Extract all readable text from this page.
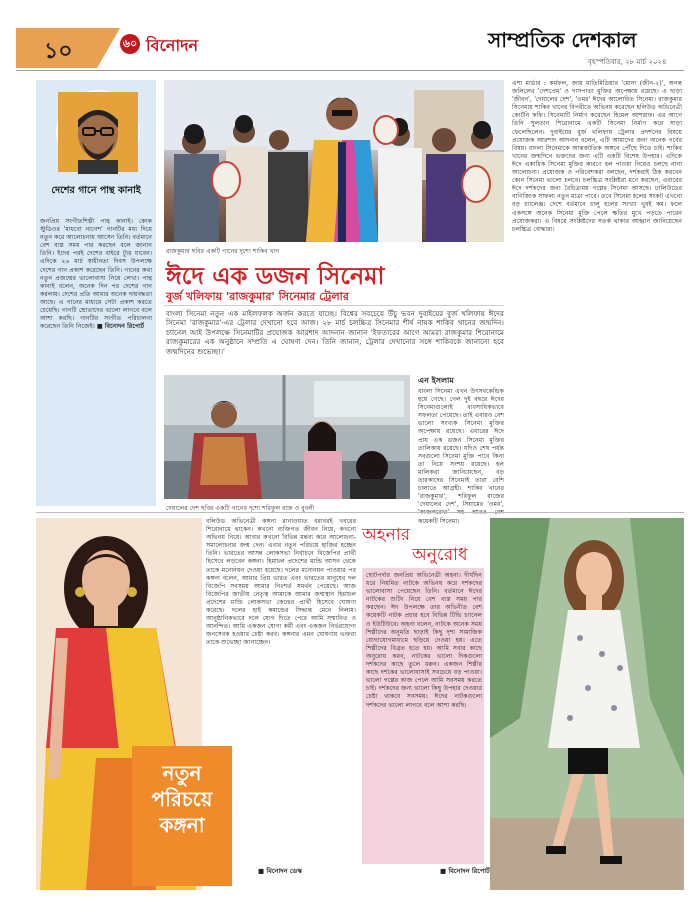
১০	৬০ বিনোদন	সাম্প্রতিক দেশকাল
বৃহস্পতিবার, ২৮ মার্চ ২০২৪
দেশের গানে পান্থ কানাই
জনপ্রিয় সংগীতশিল্পী পান্থ কানাই। কোক স্টুডিওর 'মাধবো নাগেশ' গানটির মধ্য দিয়ে নতুন করে আলোচনায় আসেন তিনি। বর্তমানে বেশ ব্যস্ত সময় পার করছেন বলে জানান তিনি। ইদের পরই দেশের বাইরে ট্যুর যাবেন। এদিকে ২৬ মার্চ স্বাধীনতা দিবস উপলক্ষে দেশের গান প্রকাশ করেছেন তিনি। গানের কথা নতুন প্রজন্মের ভালোবাসা নিয়ে লেখা। পান্থ কানাই বলেন, অনেক দিন পর দেশের গান করলাম। দেশের প্রতি আমার অনেক দায়বদ্ধতা আছে। এ গানের মাধ্যমে সেটা প্রকাশ করতে চেয়েছি। গানটি শ্রোতাদের ভালো লাগবে বলে আশা করছি। গানটির সংগীত পরিচালনা করেছেন তিনি নিজেই। ■ বিনোদন রিপোর্ট
রাজকুমার ছবির একটি গানের দৃশ্যে শাকিব খান
ঈদে এক ডজন সিনেমা
বুর্জ খলিফায় 'রাজকুমার' সিনেমার ট্রেলার
বাংলা সিনেমা নতুন এক মাইলফলক অর্জন করতে যাচ্ছে। বিশ্বের সবচেয়ে উঁচু ভবন দুবাইয়ের বুর্জ খলিফায় ঈদের সিনেমা 'রাজকুমার'-এর ট্রেলার দেখানো হবে আজ। ২৮ মার্চ চলচ্চিত্র সিনেমার শীর্ষ নায়ক শাকিব খানের জন্মদিন। চ্যানেল আই উপলক্ষে সিনেমাটির প্রযোজক আরশাদ আদনান জানান 'ইফতারের আগে আমরা রাজকুমার শিরোনামে রাজকুমারের এক অনুষ্ঠানে সম্প্রতি এ ঘোষণা দেন। তিনি জানান, ট্রেলার দেখানোর সঙ্গে শাকিবকে জানানো হবে জন্মদিনের শুভেচ্ছা।'
দেয়ালের দেশ ছবির একটি গানের দৃশ্যে শরিফুল রাজ ও বুবলী
এন ইসলাম
বাংলা সিনেমা এখন উৎসবকেন্দ্রিক হয়ে গেছে। গেল দুই বছরে ঈদের সিনেমাগুলোই ব্যবসায়িকভাবে সফলতা পেয়েছে। তাই এবারও বেশ ভালো সংখ্যক সিনেমা মুক্তির অপেক্ষায় রয়েছে। এবারের ঈদে প্রায় এক ডজন সিনেমা মুক্তির তালিকায় রয়েছে। যদিও শেষ পর্যন্ত সবগুলো সিনেমা মুক্তি পাবে কিনা তা নিয়ে সংশয় রয়েছে। হল মালিকরা জানিয়েছেন, বড় তারকাদের সিনেমাই তারা বেশি চালাতে আগ্রহী। শাকিব খানের 'রাজকুমার', শরিফুল রাজের 'দেয়ালের দেশ', সিয়ামের 'ওমর', কয়েকটি সিনেমা।
এশা মার্ডার : কর্মফল, জায় মাতিমিডিয়ার 'মোনা (জীন-২)', অনন্ত জলিলের 'দেশপ্রেম' ও দাসপাতা মুক্তির অপেক্ষায় রয়েছে। এ ছাড়া 'জীবন', 'দেয়ালের দেশ', 'ওমর' ঈদের আলোচিত সিনেমা। রাজকুমার সিনেমায় শাকিব খানের বিপরীতে অভিনয় করেছেন হলিউড অভিনেত্রী কোর্টনি কফি। সিনেমাটি নির্মাণ করেছেন হিমেল আশরাফ। এর আগে তিনি সুলতান শিরোনামে একটি সিনেমা নির্মাণ করে সাড়া ফেলেছিলেন। দুবাইয়ের বুর্জ খলিফায় ট্রেলার প্রদর্শনের বিষয়ে প্রযোজক আরশাদ আদনান বলেন, এটি আমাদের জন্য অনেক গর্বের বিষয়। বাংলা সিনেমাকে আন্তর্জাতিক অঙ্গনে পৌঁছে দিতে চাই। শাকিব খানের জন্মদিনে ভক্তদের জন্য এটি একটি বিশেষ উপহার। এদিকে ঈদে একাধিক সিনেমা মুক্তির কারণে হল পাওয়া নিয়েও চলছে নানা আলোচনা। প্রযোজক ও পরিবেশকরা বলছেন, দর্শকরাই ঠিক করবেন কোন সিনেমা ভালো চলবে। চলচ্চিত্র সংশ্লিষ্টরা মনে করছেন, এবারের ঈদে দর্শকদের জন্য বৈচিত্র্যময় গল্পের সিনেমা আসছে। ঢালিউডের বাণিজ্যিক সাফল্য নতুন মাত্রা পাবে। তবে সিনেমা হলের সংকট এখনো বড় চ্যালেঞ্জ। দেশে বর্তমানে চালু হলের সংখ্যা খুবই কম। ফলে একসঙ্গে অনেক সিনেমা মুক্তি পেলে ক্ষতির মুখে পড়তে পারেন প্রযোজকরা। এ বিষয়ে সংশ্লিষ্টদের সতর্ক থাকার আহ্বান জানিয়েছেন চলচ্চিত্র বোদ্ধারা।
নতুন পরিচয়ে কঙ্গনা
বলিউড অভিনেত্রী কঙ্গনা রানাওয়াত বরাবরই খবরের শিরোনামে থাকেন। কখনো ব্যক্তিগত জীবন নিয়ে, কখনো অভিনয় নিয়ে। আবার কখনো বিভিন্ন মন্তব্য করে আলোচনা-সমালোচনার জন্ম দেন। এবার নতুন পরিচয়ে হাজির হচ্ছেন তিনি। ভারতের আসন্ন লোকসভা নির্বাচনে বিজেপির প্রার্থী হিসেবে লড়বেন কঙ্গনা। হিমাচল প্রদেশের মান্ডি আসন থেকে তাকে মনোনয়ন দেওয়া হয়েছে। দলের মনোনয়ন পাওয়ার পর কঙ্গনা বলেন, আমার প্রিয় ভারত এবং ভারতের মানুষের দল বিজেপি সবসময় আমার নিঃশর্ত সমর্থন পেয়েছে। আজ বিজেপির জাতীয় নেতৃত্ব আমাকে আমার জন্মস্থান হিমাচল প্রদেশের মান্ডি লোকসভা কেন্দ্রের প্রার্থী হিসেবে ঘোষণা করেছে। দলের হাই কমান্ডের সিদ্ধান্ত মেনে নিলাম। আনুষ্ঠানিকভাবে দলে যোগ দিতে পেরে আমি সম্মানিত ও আনন্দিত। আমি একজন যোগ্য কর্মী এবং একজন নির্ভরযোগ্য জনসেবক হওয়ার চেষ্টা করব। কঙ্গনার এমন ঘোষণায় ভক্তরা তাকে শুভেচ্ছা জানাচ্ছেন।
■ বিনোদন ডেস্ক
অহনার
অনুরোধ
ছোটপর্দার জনপ্রিয় অভিনেত্রী অহনা। দীর্ঘদিন ধরে নিয়মিত নাটকে অভিনয় করে দর্শকদের ভালোবাসা পেয়েছেন তিনি। বর্তমানে ঈদের নাটকের শুটিং নিয়ে বেশ ব্যস্ত সময় পার করছেন। ঈদ উপলক্ষে তার অভিনীত বেশ কয়েকটি নাটক প্রচার হবে বিভিন্ন টিভি চ্যানেল ও ইউটিউবে। অহনা বলেন, নাটকে অনেক সময় শিল্পীদের অনুমতি ছাড়াই কিছু দৃশ্য সামাজিক যোগাযোগমাধ্যমে ছড়িয়ে দেওয়া হয়। এতে শিল্পীদের বিব্রত হতে হয়। আমি সবার কাছে অনুরোধ করব, নাটকের ভালো দিকগুলো দর্শকদের কাছে তুলে ধরুন। একজন শিল্পীর কাছে দর্শকের ভালোবাসাই সবচেয়ে বড় পাওয়া। ভালো গল্পের কাজ পেলে আমি সবসময় করতে চাই। দর্শকদের জন্য ভালো কিছু উপহার দেওয়ার চেষ্টা থাকবে সবসময়। ঈদের নাটকগুলো দর্শকদের ভালো লাগবে বলে আশা করছি।
■ বিনোদন রিপোর্ট
